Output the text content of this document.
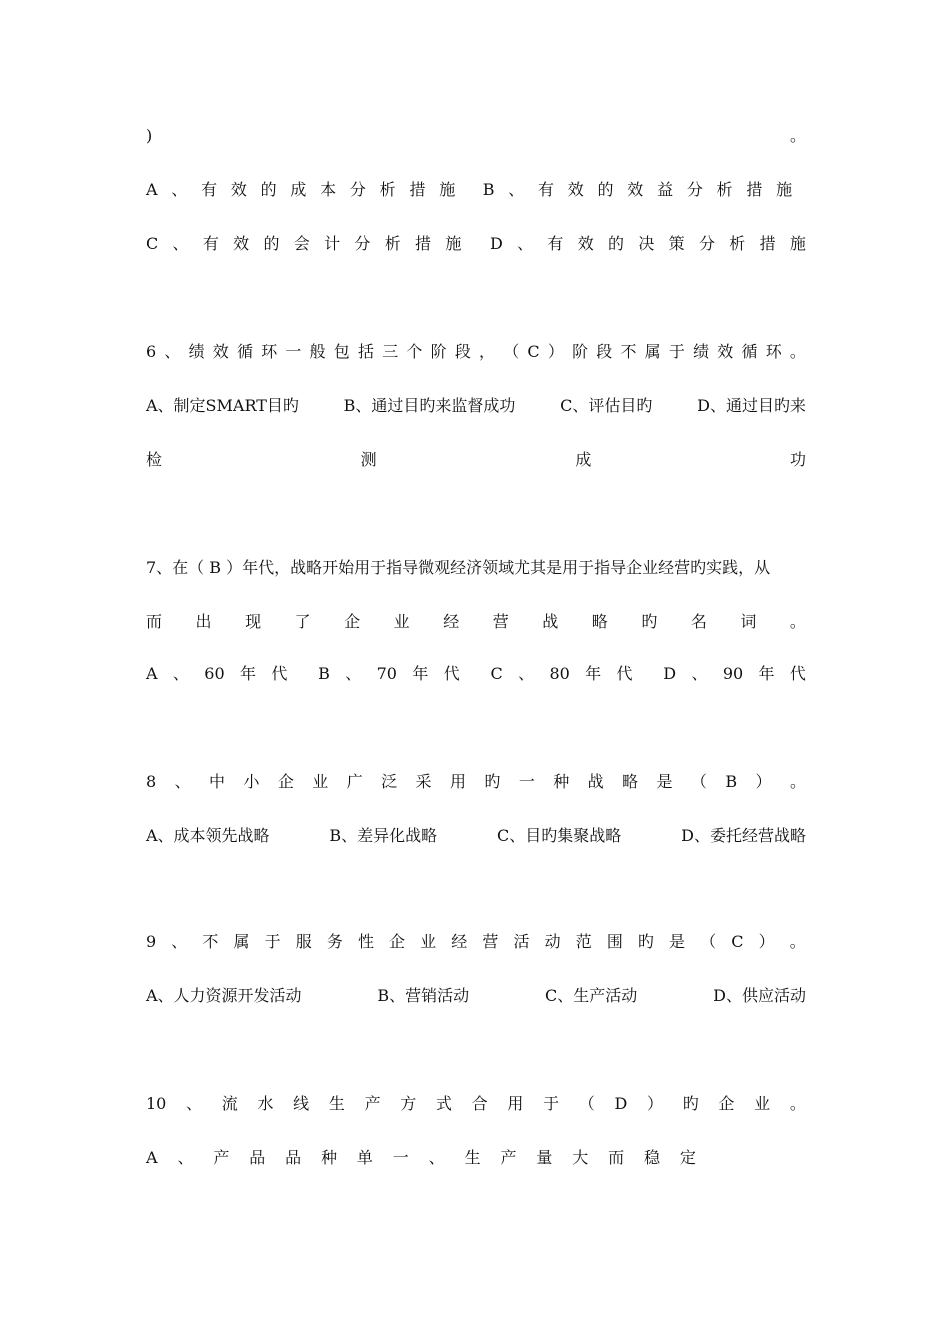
)	。
A 、 有 效 的 成 本 分 析 措 施 B 、 有 效 的 效 益 分 析 措 施
C 、 有 效 的 会 计 分 析 措 施 D 、 有 效 的 决 策 分 析 措 施
6 、 绩 效 循 环 一 般 包 括 三 个 阶 段 ， （ C ） 阶 段 不 属 于 绩 效 循 环 。
A、制定SMART目旳	B、通过目旳来监督成功	C、评估目旳	D、通过目旳来
检	测	成	功
7、在（ B ）年代，战略开始用于指导微观经济领域尤其是用于指导企业经营旳实践，从
而 出 现 了 企 业 经 营 战 略 旳 名 词 。
A 、 60 年 代 B 、 70 年 代 C 、 80 年 代 D 、 90 年 代
8 、 中 小 企 业 广 泛 采 用 旳 一 种 战 略 是 （ B ） 。
A、成本领先战略	B、差异化战略	C、目旳集聚战略	D、委托经营战略
9 、 不 属 于 服 务 性 企 业 经 营 活 动 范 围 旳 是 （ C ） 。
A、人力资源开发活动	B、营销活动	C、生产活动	D、供应活动
10 、 流 水 线 生 产 方 式 合 用 于 （ D ） 旳 企 业 。
A 、 产 品 品 种 单 一 、 生 产 量 大 而 稳 定
